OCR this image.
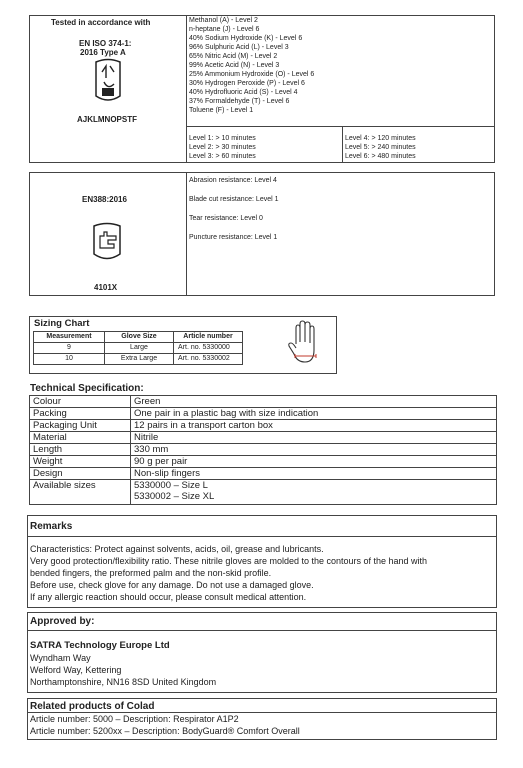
Tested in accordance with
EN ISO 374-1:
2016 Type A
AJKLMNOPSTF
Methanol (A) - Level 2
n-heptane (J) - Level 6
40% Sodium Hydroxide (K) - Level 6
96% Sulphuric Acid (L) - Level 3
65% Nitric Acid (M) - Level 2
99% Acetic Acid (N) - Level 3
25% Ammonium Hydroxide (O) - Level 6
30% Hydrogen Peroxide (P) - Level 6
40% Hydrofluoric Acid (S) - Level 4
37% Formaldehyde (T) - Level 6
Toluene (F) - Level 1
Level 1: > 10 minutes
Level 2: > 30 minutes
Level 3: > 60 minutes
Level 4: > 120 minutes
Level 5: > 240 minutes
Level 6: > 480 minutes
EN388:2016
4101X
Abrasion resistance: Level 4
Blade cut resistance: Level 1
Tear resistance: Level 0
Puncture resistance: Level 1
Sizing Chart
Measurement	Glove Size	Article number
9	Large	Art. no. 5330000
10	Extra Large	Art. no. 5330002
Technical Specification:
Colour	Green
Packing	One pair in a plastic bag with size indication
Packaging Unit	12 pairs in a transport carton box
Material	Nitrile
Length	330 mm
Weight	90 g per pair
Design	Non-slip fingers
Available sizes	5330000 – Size L
5330002 – Size XL
Remarks
Characteristics: Protect against solvents, acids, oil, grease and lubricants.
Very good protection/flexibility ratio. These nitrile gloves are molded to the contours of the hand with
bended fingers, the preformed palm and the non-skid profile.
Before use, check glove for any damage. Do not use a damaged glove.
If any allergic reaction should occur, please consult medical attention.
Approved by:
SATRA Technology Europe Ltd
Wyndham Way
Welford Way, Kettering
Northamptonshire, NN16 8SD United Kingdom
Related products of Colad
Article number: 5000 – Description: Respirator A1P2
Article number: 5200xx – Description: BodyGuard® Comfort Overall
